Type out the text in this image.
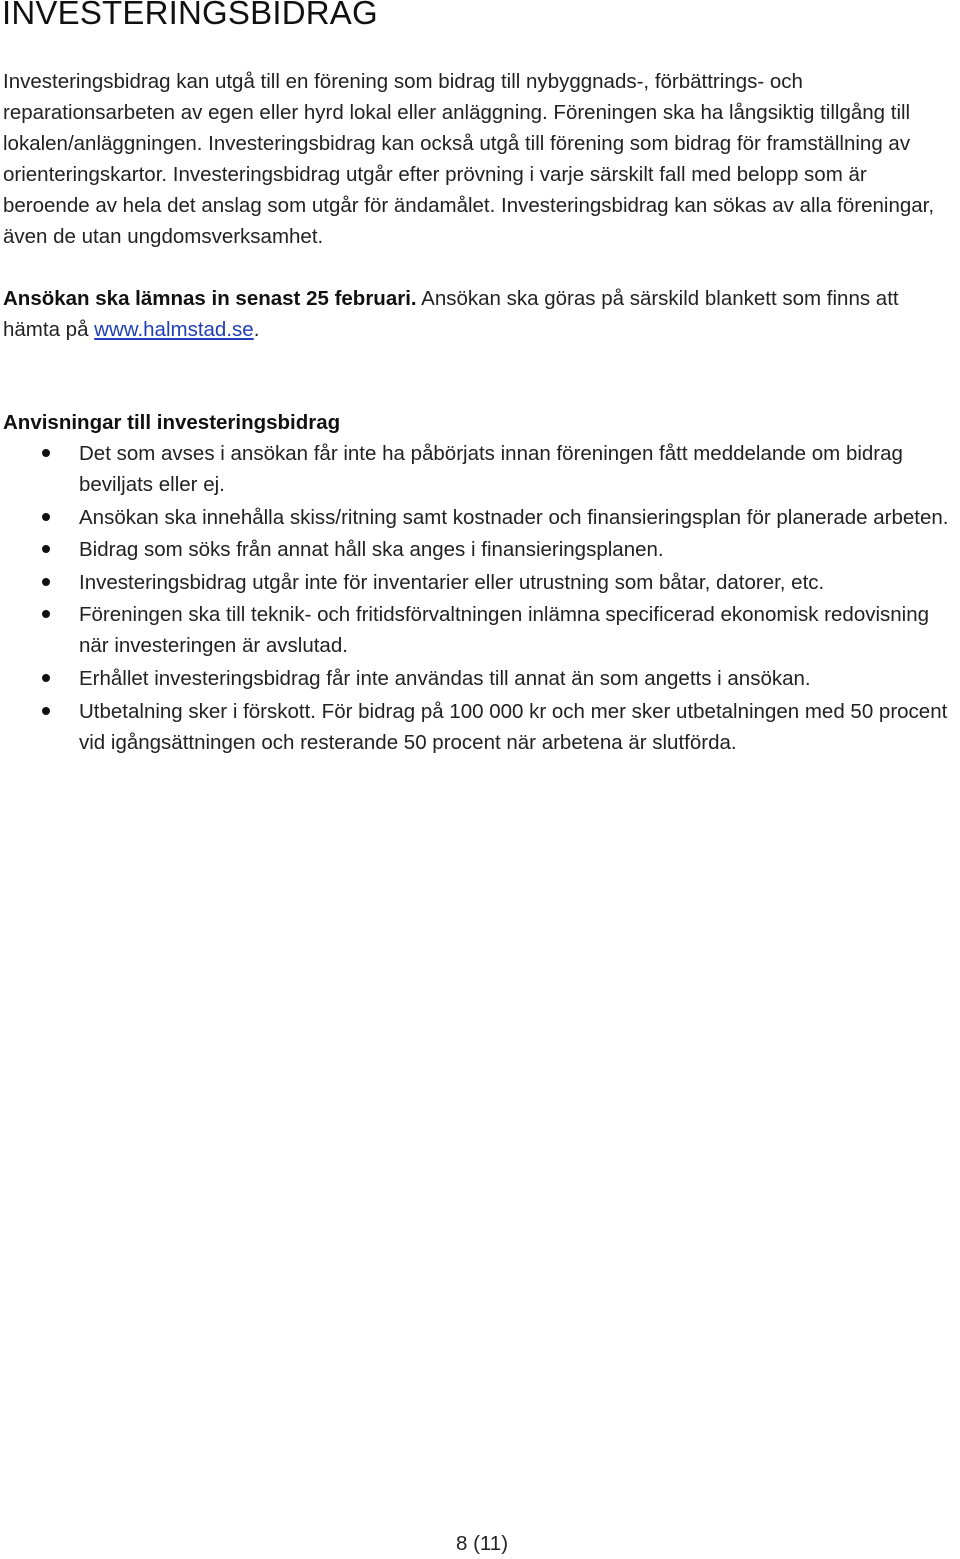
INVESTERINGSBIDRAG

Investeringsbidrag kan utgå till en förening som bidrag till nybyggnads-, förbättrings- och reparationsarbeten av egen eller hyrd lokal eller anläggning. Föreningen ska ha långsiktig tillgång till lokalen/anläggningen. Investeringsbidrag kan också utgå till förening som bidrag för framställning av orienteringskartor. Investeringsbidrag utgår efter prövning i varje särskilt fall med belopp som är beroende av hela det anslag som utgår för ändamålet. Investeringsbidrag kan sökas av alla föreningar, även de utan ungdomsverksamhet.

Ansökan ska lämnas in senast 25 februari. Ansökan ska göras på särskild blankett som finns att hämta på www.halmstad.se.

Anvisningar till investeringsbidrag
Det som avses i ansökan får inte ha påbörjats innan föreningen fått meddelande om bidrag beviljats eller ej.
Ansökan ska innehålla skiss/ritning samt kostnader och finansieringsplan för planerade arbeten.
Bidrag som söks från annat håll ska anges i finansieringsplanen.
Investeringsbidrag utgår inte för inventarier eller utrustning som båtar, datorer, etc.
Föreningen ska till teknik- och fritidsförvaltningen inlämna specificerad ekonomisk redovisning när investeringen är avslutad.
Erhållet investeringsbidrag får inte användas till annat än som angetts i ansökan.
Utbetalning sker i förskott. För bidrag på 100 000 kr och mer sker utbetalningen med 50 procent vid igångsättningen och resterande 50 procent när arbetena är slutförda.
8 (11)
